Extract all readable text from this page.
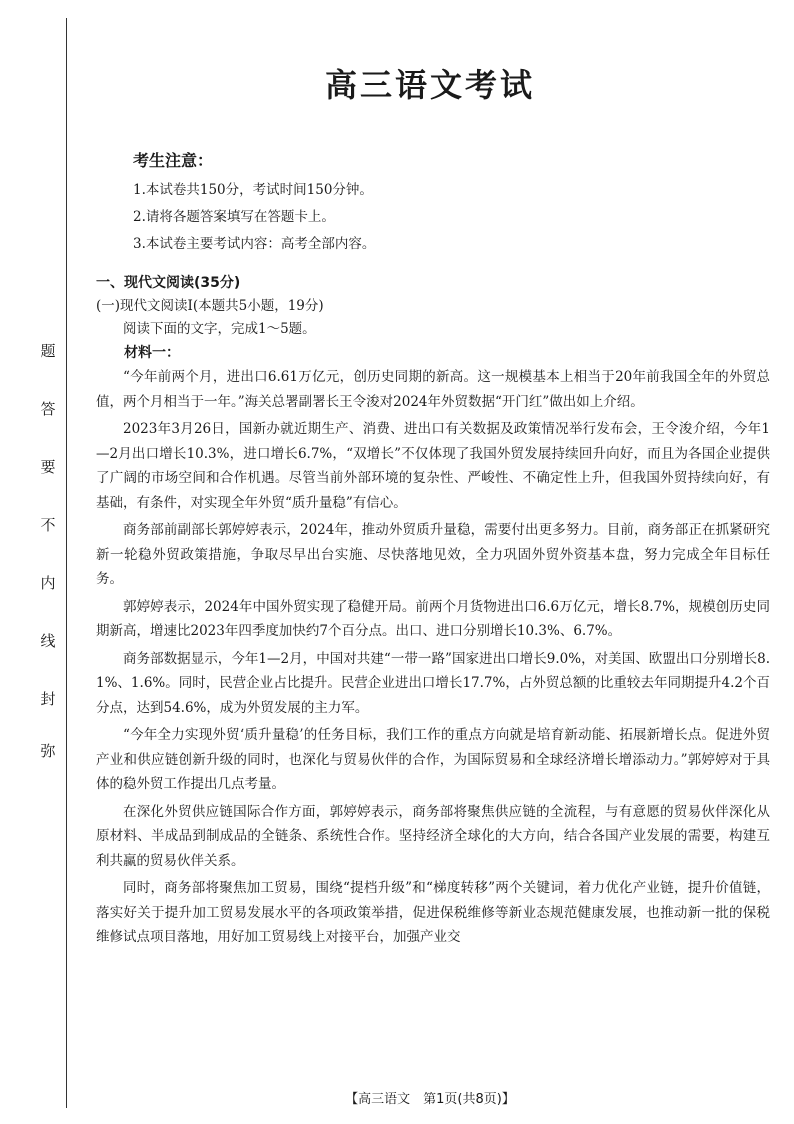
题
答
要
不
内
线
封
弥
高三语文考试
考生注意：
1.本试卷共150分，考试时间150分钟。
2.请将各题答案填写在答题卡上。
3.本试卷主要考试内容：高考全部内容。
一、现代文阅读(35分)
(一)现代文阅读Ⅰ(本题共5小题，19分)
阅读下面的文字，完成1～5题。
材料一：

“今年前两个月，进出口6.61万亿元，创历史同期的新高。这一规模基本上相当于20年前我国全年的外贸总值，两个月相当于一年。”海关总署副署长王令浚对2024年外贸数据“开门红”做出如上介绍。

2023年3月26日，国新办就近期生产、消费、进出口有关数据及政策情况举行发布会，王令浚介绍，今年1—2月出口增长10.3%，进口增长6.7%，“双增长”不仅体现了我国外贸发展持续回升向好，而且为各国企业提供了广阔的市场空间和合作机遇。尽管当前外部环境的复杂性、严峻性、不确定性上升，但我国外贸持续向好，有基础，有条件，对实现全年外贸“质升量稳”有信心。

商务部前副部长郭婷婷表示，2024年，推动外贸质升量稳，需要付出更多努力。目前，商务部正在抓紧研究新一轮稳外贸政策措施，争取尽早出台实施、尽快落地见效，全力巩固外贸外资基本盘，努力完成全年目标任务。

郭婷婷表示，2024年中国外贸实现了稳健开局。前两个月货物进出口6.6万亿元，增长8.7%，规模创历史同期新高，增速比2023年四季度加快约7个百分点。出口、进口分别增长10.3%、6.7%。

商务部数据显示，今年1—2月，中国对共建“一带一路”国家进出口增长9.0%，对美国、欧盟出口分别增长8.1%、1.6%。同时，民营企业占比提升。民营企业进出口增长17.7%，占外贸总额的比重较去年同期提升4.2个百分点，达到54.6%，成为外贸发展的主力军。

“今年全力实现外贸‘质升量稳’的任务目标，我们工作的重点方向就是培育新动能、拓展新增长点。促进外贸产业和供应链创新升级的同时，也深化与贸易伙伴的合作，为国际贸易和全球经济增长增添动力。”郭婷婷对于具体的稳外贸工作提出几点考量。

在深化外贸供应链国际合作方面，郭婷婷表示，商务部将聚焦供应链的全流程，与有意愿的贸易伙伴深化从原材料、半成品到制成品的全链条、系统性合作。坚持经济全球化的大方向，结合各国产业发展的需要，构建互利共赢的贸易伙伴关系。

同时，商务部将聚焦加工贸易，围绕“提档升级”和“梯度转移”两个关键词，着力优化产业链，提升价值链，落实好关于提升加工贸易发展水平的各项政策举措，促进保税维修等新业态规范健康发展，也推动新一批的保税维修试点项目落地，用好加工贸易线上对接平台，加强产业交

【高三语文　第1页(共8页)】
